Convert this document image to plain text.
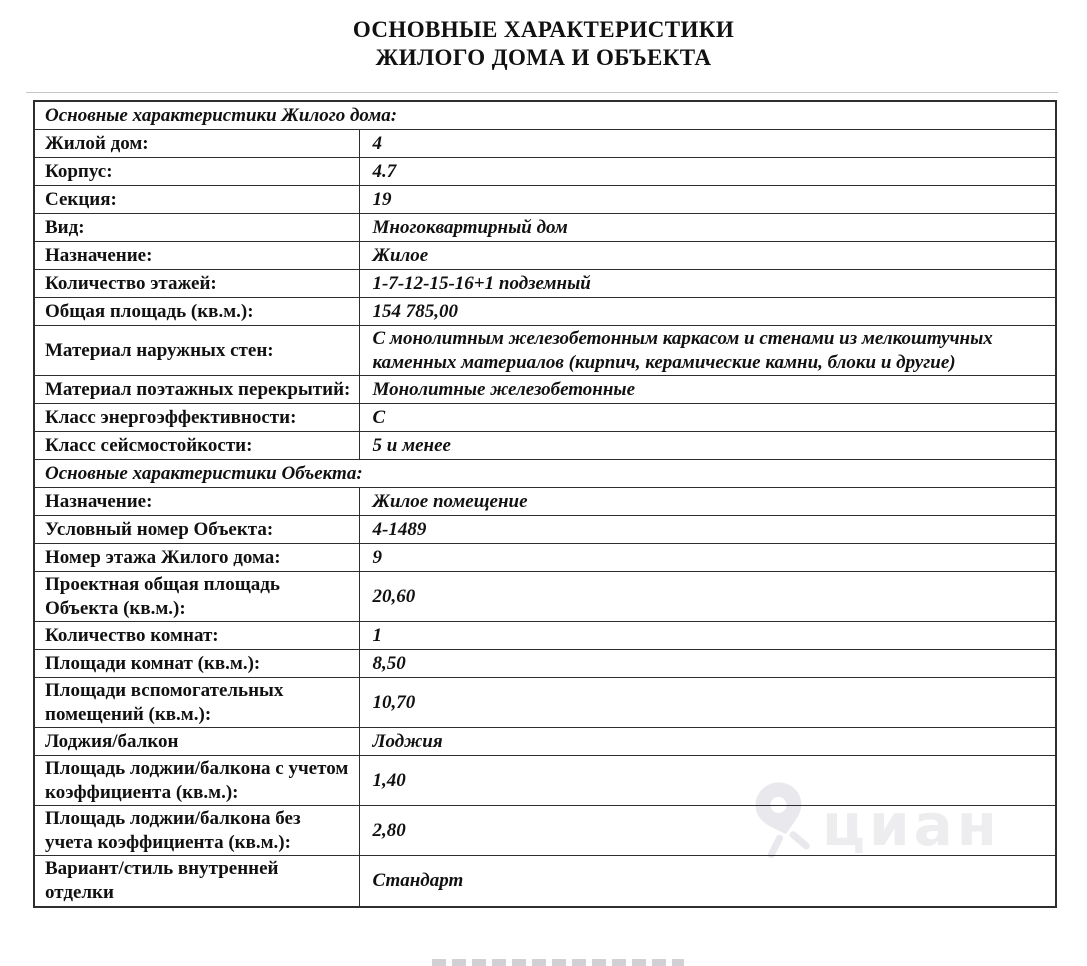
ОСНОВНЫЕ ХАРАКТЕРИСТИКИ
ЖИЛОГО ДОМА И ОБЪЕКТА
циан
Основные характеристики Жилого дома:	
Жилой дом:	4
Корпус:	4.7
Секция:	19
Вид:	Многоквартирный дом
Назначение:	Жилое
Количество этажей:	1-7-12-15-16+1 подземный
Общая площадь (кв.м.):	154 785,00
Материал наружных стен:	С монолитным железобетонным каркасом и стенами из мелкоштучных каменных материалов (кирпич, керамические камни, блоки и другие)
Материал поэтажных перекрытий:	Монолитные железобетонные
Класс энергоэффективности:	С
Класс сейсмостойкости:	5 и менее
Основные характеристики Объекта:	
Назначение:	Жилое помещение
Условный номер Объекта:	4-1489
Номер этажа Жилого дома:	9
Проектная общая площадь Объекта (кв.м.):	20,60
Количество комнат:	1
Площади комнат (кв.м.):	8,50
Площади вспомогательных помещений (кв.м.):	10,70
Лоджия/балкон	Лоджия
Площадь лоджии/балкона с учетом коэффициента (кв.м.):	1,40
Площадь лоджии/балкона без учета коэффициента (кв.м.):	2,80
Вариант/стиль внутренней отделки	Стандарт
